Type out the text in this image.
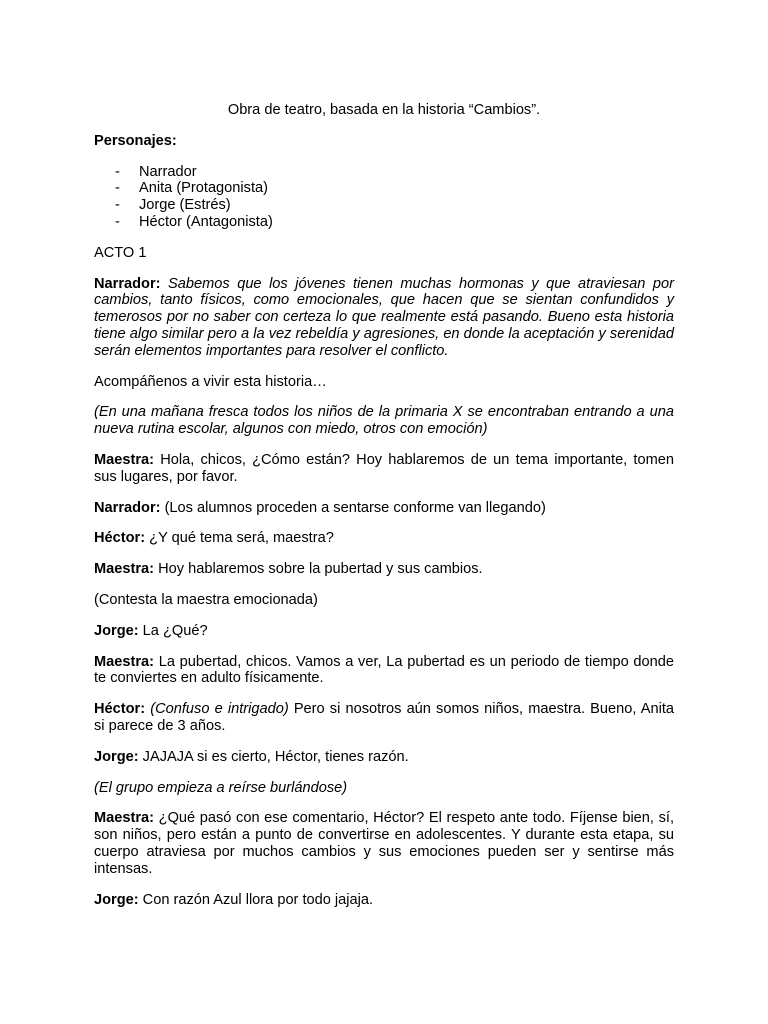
Obra de teatro, basada en la historia “Cambios”.

Personajes:

- Narrador
- Anita (Protagonista)
- Jorge (Estrés)
- Héctor (Antagonista)

ACTO 1

Narrador: Sabemos que los jóvenes tienen muchas hormonas y que atraviesan por cambios, tanto físicos, como emocionales, que hacen que se sientan confundidos y temerosos por no saber con certeza lo que realmente está pasando. Bueno esta historia tiene algo similar pero a la vez rebeldía y agresiones, en donde la aceptación y serenidad serán elementos importantes para resolver el conflicto.

Acompáñenos a vivir esta historia…

(En una mañana fresca todos los niños de la primaria X se encontraban entrando a una nueva rutina escolar, algunos con miedo, otros con emoción)

Maestra: Hola, chicos, ¿Cómo están? Hoy hablaremos de un tema importante, tomen sus lugares, por favor.

Narrador: (Los alumnos proceden a sentarse conforme van llegando)

Héctor: ¿Y qué tema será, maestra?

Maestra: Hoy hablaremos sobre la pubertad y sus cambios.

(Contesta la maestra emocionada)

Jorge: La ¿Qué?

Maestra: La pubertad, chicos. Vamos a ver, La pubertad es un periodo de tiempo donde te conviertes en adulto físicamente.

Héctor: (Confuso e intrigado) Pero si nosotros aún somos niños, maestra. Bueno, Anita si parece de 3 años.

Jorge: JAJAJA si es cierto, Héctor, tienes razón.

(El grupo empieza a reírse burlándose)

Maestra: ¿Qué pasó con ese comentario, Héctor? El respeto ante todo. Fíjense bien, sí, son niños, pero están a punto de convertirse en adolescentes. Y durante esta etapa, su cuerpo atraviesa por muchos cambios y sus emociones pueden ser y sentirse más intensas.

Jorge: Con razón Azul llora por todo jajaja.
